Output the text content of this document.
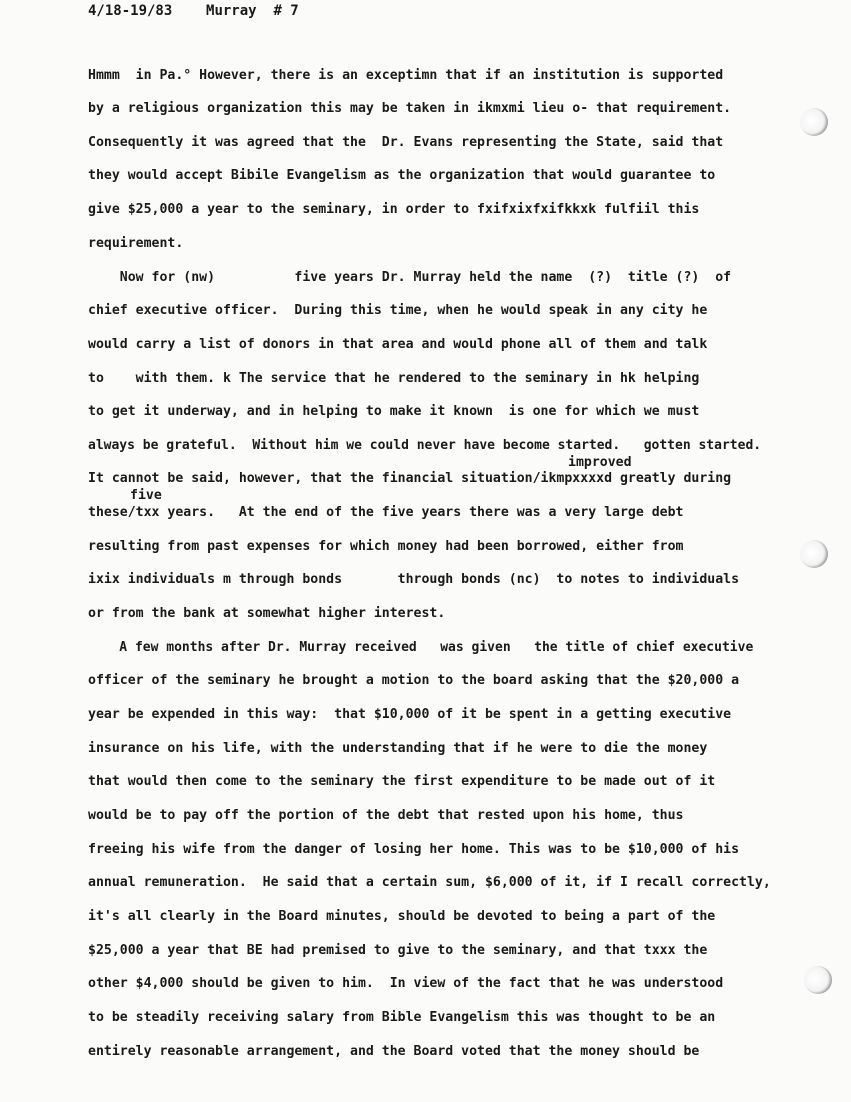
4/18-19/83 Murray # 7
Hmmm  in Pa.° However, there is an exceptimn that if an institution is supported
by a religious organization this may be taken in ikmxmi lieu o- that requirement.
Consequently it was agreed that the  Dr. Evans representing the State, said that
they would accept Bibile Evangelism as the organization that would guarantee to
give $25,000 a year to the seminary, in order to fxifxixfxifkkxk fulfiil this
requirement.
Now for (nw)          five years Dr. Murray held the name  (?)  title (?)  of
chief executive officer.  During this time, when he would speak in any city he
would carry a list of donors in that area and would phone all of them and talk
to    with them. k The service that he rendered to the seminary in hk helping
to get it underway, and in helping to make it known  is one for which we must
always be grateful.  Without him we could never have become started.   gotten started.
improved
It cannot be said, however, that the financial situation/ikmpxxxxd greatly during
five
these/txx years.   At the end of the five years there was a very large debt
resulting from past expenses for which money had been borrowed, either from
ixix individuals m through bonds       through bonds (nc)  to notes to individuals
or from the bank at somewhat higher interest.
A few months after Dr. Murray received   was given   the title of chief executive
officer of the seminary he brought a motion to the board asking that the $20,000 a
year be expended in this way:  that $10,000 of it be spent in a getting executive
insurance on his life, with the understanding that if he were to die the money
that would then come to the seminary the first expenditure to be made out of it
would be to pay off the portion of the debt that rested upon his home, thus
freeing his wife from the danger of losing her home. This was to be $10,000 of his
annual remuneration.  He said that a certain sum, $6,000 of it, if I recall correctly,
it's all clearly in the Board minutes, should be devoted to being a part of the
$25,000 a year that BE had premised to give to the seminary, and that txxx the
other $4,000 should be given to him.  In view of the fact that he was understood
to be steadily receiving salary from Bible Evangelism this was thought to be an
entirely reasonable arrangement, and the Board voted that the money should be
